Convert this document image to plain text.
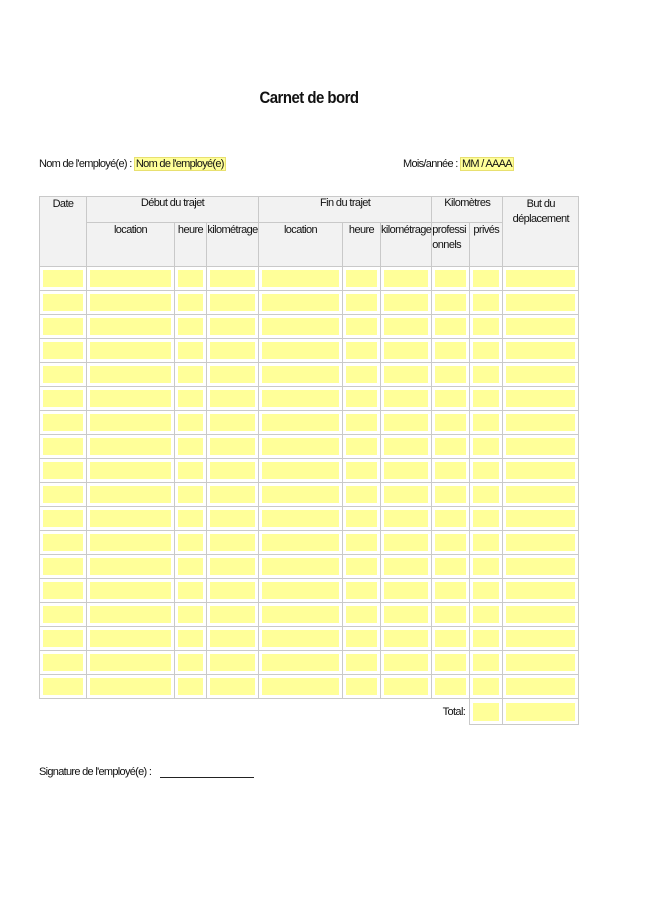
Carnet de bord
Nom de l'employé(e) : Nom de l'employé(e)	Mois/année : MM / AAAA
Date	Début du trajet			Fin du trajet			Kilomètres		But du déplacement	
	location	heure	kilométrage	location	heure	kilométrage	professi onnels	privés		

							Total:	

Signature de l'employé(e) :
